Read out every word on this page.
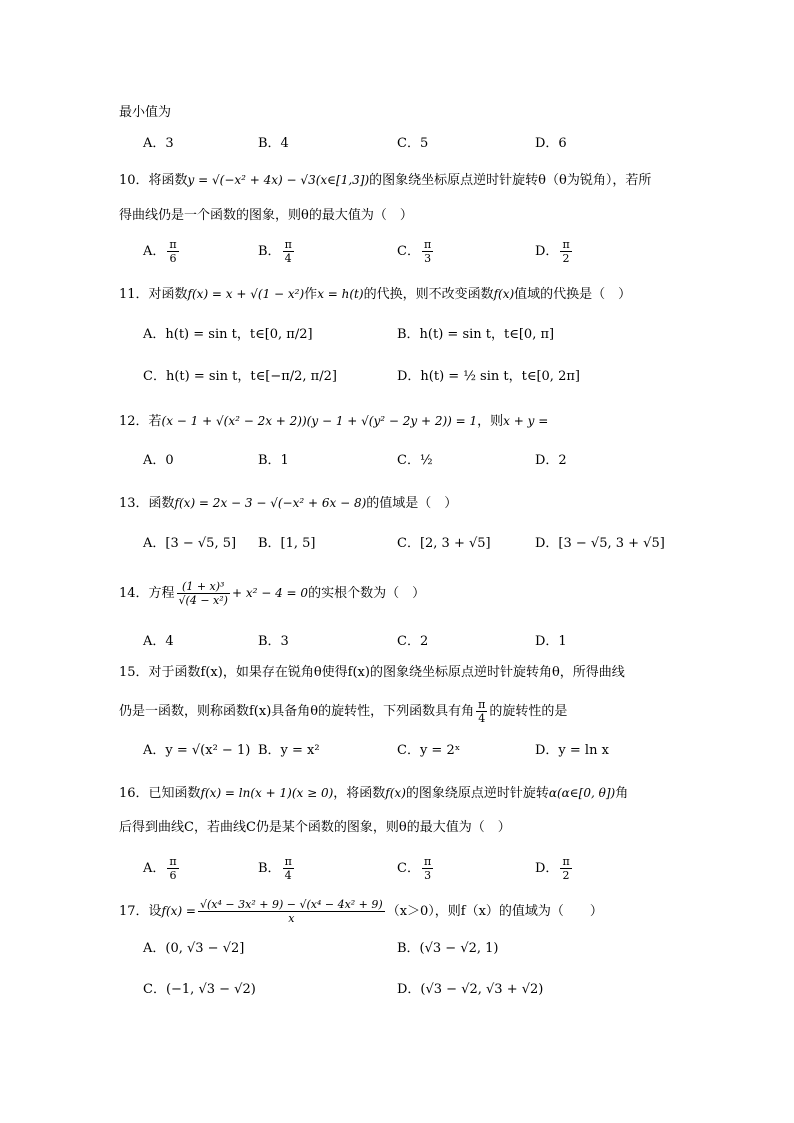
最小值为
A．3	B．4	C．5	D．6
10．将函数y = √(−x² + 4x) − √3(x∈[1,3])的图象绕坐标原点逆时针旋转θ（θ为锐角），若所
得曲线仍是一个函数的图象，则θ的最大值为（　）
A． $\frac{\pi}{6}$	B． $\frac{\pi}{4}$	C． $\frac{\pi}{3}$	D． $\frac{\pi}{2}$
11．对函数f(x) = x + √(1 − x²)作x = h(t)的代换，则不改变函数f(x)值域的代换是（　）
A．h(t) = sin t，t∈[0, π/2]	B．h(t) = sin t，t∈[0, π]
C．h(t) = sin t，t∈[−π/2, π/2]	D．h(t) = ½ sin t，t∈[0, 2π]
12．若(x − 1 + √(x² − 2x + 2))(y − 1 + √(y² − 2y + 2)) = 1，则x + y =
A．0	B．1	C．½	D．2
13．函数f(x) = 2x − 3 − √(−x² + 6x − 8)的值域是（　）
A．[3 − √5, 5] B．[1, 5]	C．[2, 3 + √5]	D．[3 − √5, 3 + √5]
14．方程 $\frac{\text{(1 + x)³}}{\text{√(4 − x²)}} + x^2 - 4 = 0$的实根个数为（　）
A．4	B．3	C．2	D．1
15．对于函数f(x)，如果存在锐角θ使得f(x)的图象绕坐标原点逆时针旋转角θ，所得曲线
仍是一函数，则称函数f(x)具备角θ的旋转性，下列函数具有角 $\frac{\pi}{4}$ 的旋转性的是
A．y = √(x² − 1) B．y = x²	C．y = 2ˣ	D．y = ln x
16．已知函数f(x) = ln(x + 1)(x ≥ 0)，将函数f(x)的图象绕原点逆时针旋转α(α∈[0, θ])角
后得到曲线C，若曲线C仍是某个函数的图象，则θ的最大值为（　）
A． $\frac{\pi}{6}$	B． $\frac{\pi}{4}$	C． $\frac{\pi}{3}$	D． $\frac{\pi}{2}$
17．设$f(x) = \frac{\text{√(x⁴ − 3x² + 9) − √(x⁴ − 4x² + 9)}}{x} (x>0)$，则f（x）的值域为（　　）
A．(0, √3 − √2]	B．(√3 − √2, 1)
C．(−1, √3 − √2)	D．(√3 − √2, √3 + √2)
